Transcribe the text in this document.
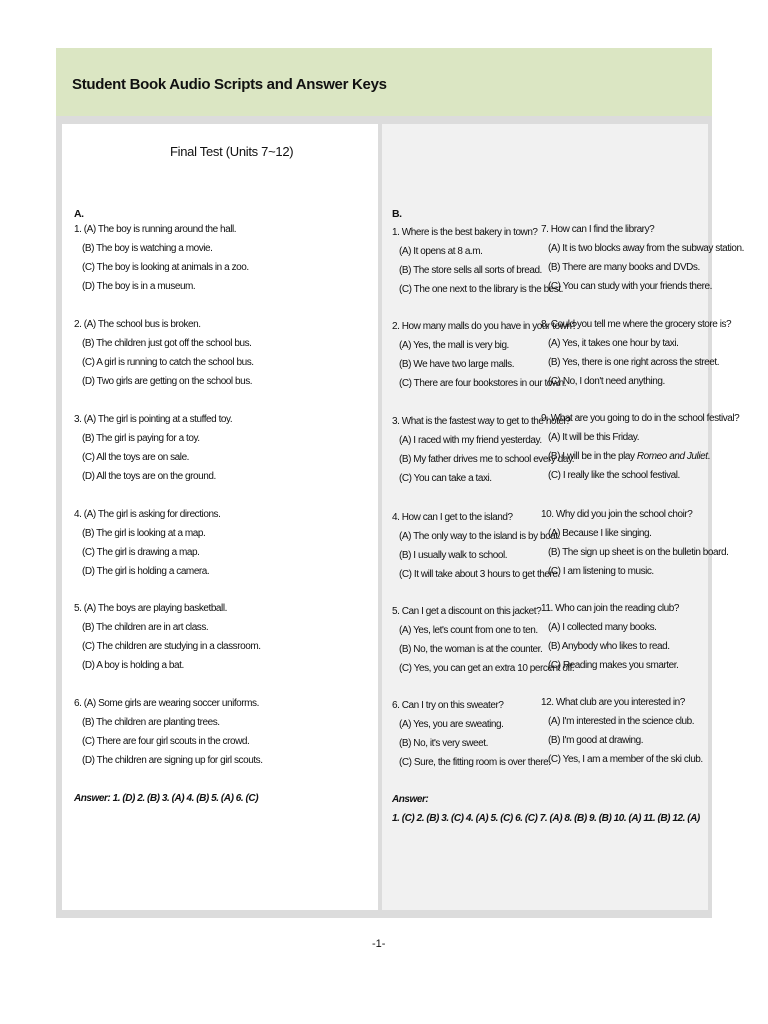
Student Book Audio Scripts and Answer Keys
Final Test (Units 7~12)
A.
1. (A) The boy is running around the hall.
(B) The boy is watching a movie.
(C) The boy is looking at animals in a zoo.
(D) The boy is in a museum.
2. (A) The school bus is broken.
(B) The children just got off the school bus.
(C) A girl is running to catch the school bus.
(D) Two girls are getting on the school bus.
3. (A) The girl is pointing at a stuffed toy.
(B) The girl is paying for a toy.
(C) All the toys are on sale.
(D) All the toys are on the ground.
4. (A) The girl is asking for directions.
(B) The girl is looking at a map.
(C) The girl is drawing a map.
(D) The girl is holding a camera.
5. (A) The boys are playing basketball.
(B) The children are in art class.
(C) The children are studying in a classroom.
(D) A boy is holding a bat.
6. (A) Some girls are wearing soccer uniforms.
(B) The children are planting trees.
(C) There are four girl scouts in the crowd.
(D) The children are signing up for girl scouts.
Answer: 1. (D) 2. (B) 3. (A) 4. (B) 5. (A) 6. (C)
B.
1. Where is the best bakery in town?
(A) It opens at 8 a.m.
(B) The store sells all sorts of bread.
(C) The one next to the library is the best.
2. How many malls do you have in your town?
(A) Yes, the mall is very big.
(B) We have two large malls.
(C) There are four bookstores in our town.
3. What is the fastest way to get to the hotel?
(A) I raced with my friend yesterday.
(B) My father drives me to school every day.
(C) You can take a taxi.
4. How can I get to the island?
(A) The only way to the island is by boat.
(B) I usually walk to school.
(C) It will take about 3 hours to get there.
5. Can I get a discount on this jacket?
(A) Yes, let's count from one to ten.
(B) No, the woman is at the counter.
(C) Yes, you can get an extra 10 percent off.
6. Can I try on this sweater?
(A) Yes, you are sweating.
(B) No, it's very sweet.
(C) Sure, the fitting room is over there.
7. How can I find the library?
(A) It is two blocks away from the subway station.
(B) There are many books and DVDs.
(C) You can study with your friends there.
8. Could you tell me where the grocery store is?
(A) Yes, it takes one hour by taxi.
(B) Yes, there is one right across the street.
(C) No, I don't need anything.
9. What are you going to do in the school festival?
(A) It will be this Friday.
(B) I will be in the play Romeo and Juliet.
(C) I really like the school festival.
10. Why did you join the school choir?
(A) Because I like singing.
(B) The sign up sheet is on the bulletin board.
(C) I am listening to music.
11. Who can join the reading club?
(A) I collected many books.
(B) Anybody who likes to read.
(C) Reading makes you smarter.
12. What club are you interested in?
(A) I'm interested in the science club.
(B) I'm good at drawing.
(C) Yes, I am a member of the ski club.
Answer:
1. (C) 2. (B) 3. (C) 4. (A) 5. (C) 6. (C) 7. (A) 8. (B) 9. (B) 10. (A) 11. (B) 12. (A)
-1-
